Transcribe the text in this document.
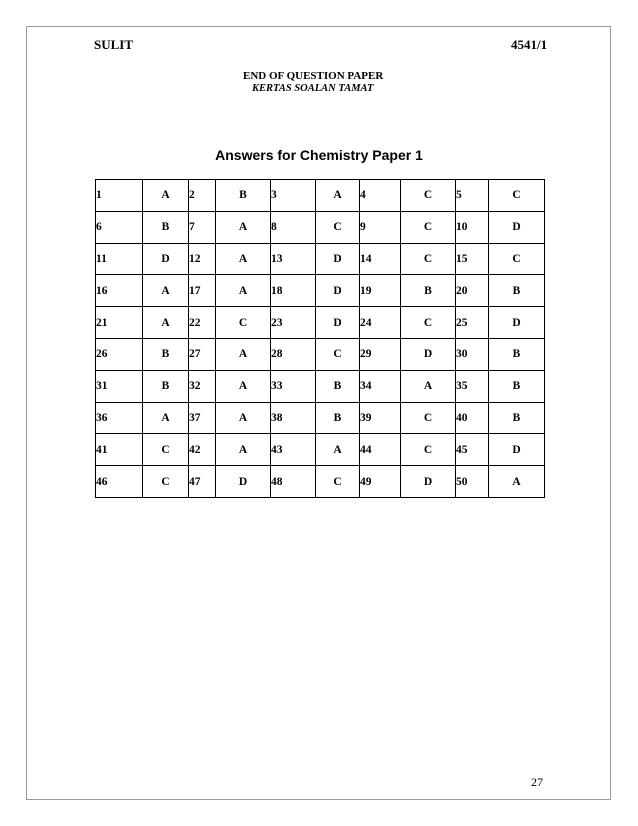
SULIT	4541/1
END OF QUESTION PAPER
KERTAS SOALAN TAMAT
Answers for Chemistry Paper 1
1	A	2	B	3	A	4	C	5	C
6	B	7	A	8	C	9	C	10	D
11	D	12	A	13	D	14	C	15	C
16	A	17	A	18	D	19	B	20	B
21	A	22	C	23	D	24	C	25	D
26	B	27	A	28	C	29	D	30	B
31	B	32	A	33	B	34	A	35	B
36	A	37	A	38	B	39	C	40	B
41	C	42	A	43	A	44	C	45	D
46	C	47	D	48	C	49	D	50	A
27
